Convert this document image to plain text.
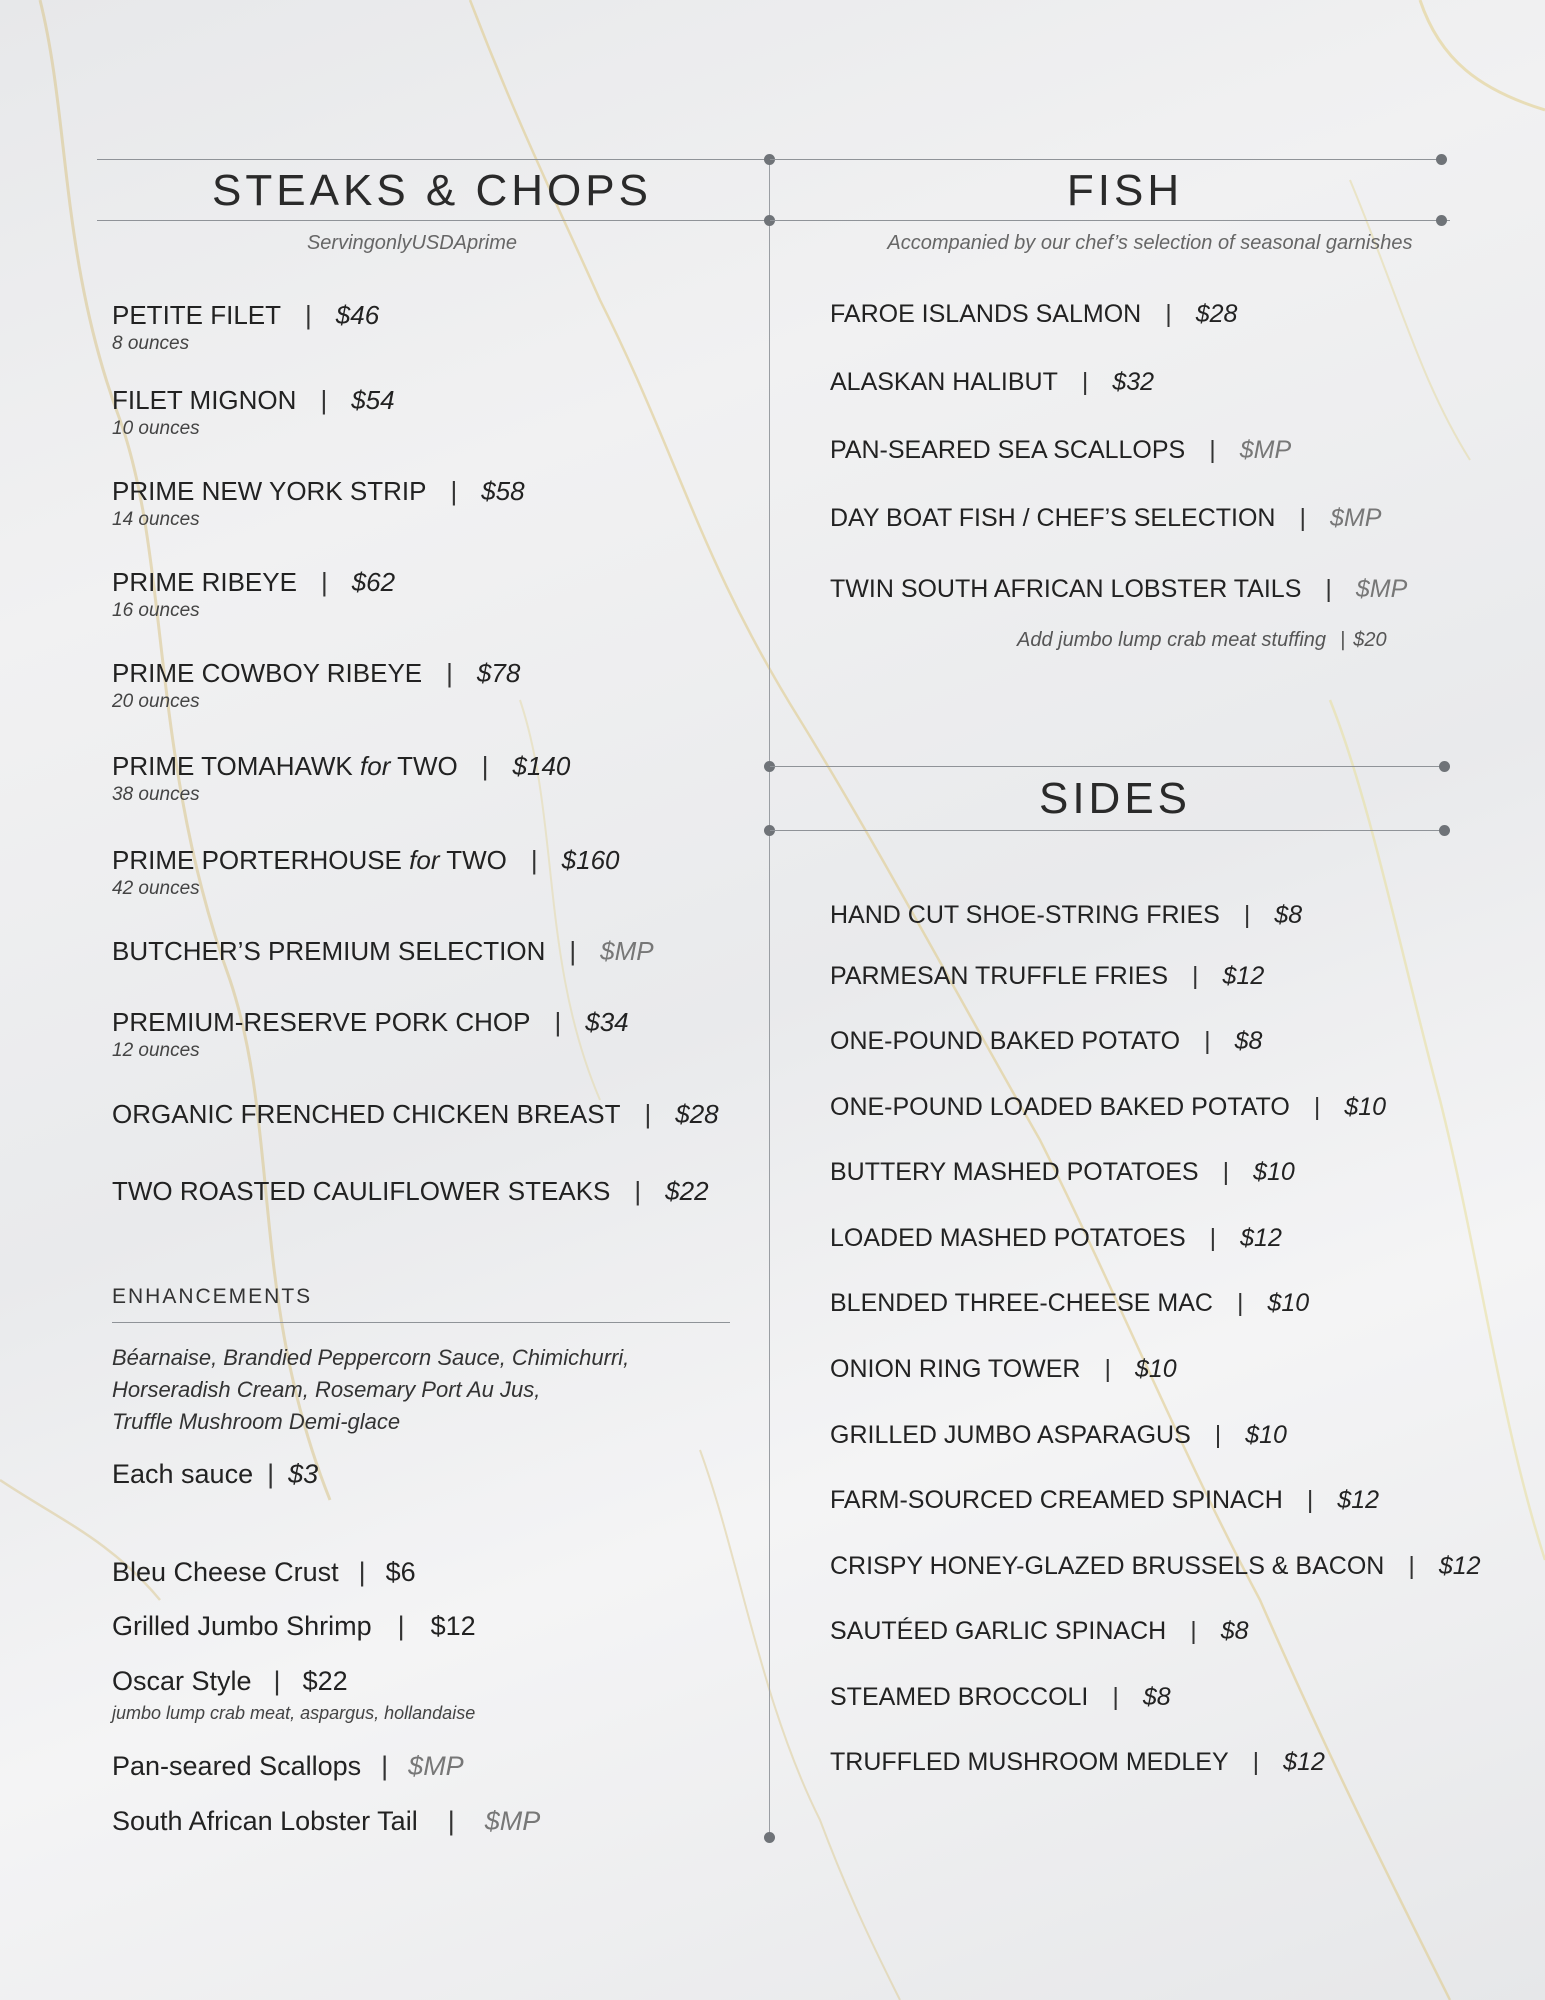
STEAKS & CHOPS
ServingonlyUSDAprime
PETITE FILET | $46
8 ounces
FILET MIGNON | $54
10 ounces
PRIME NEW YORK STRIP | $58
14 ounces
PRIME RIBEYE | $62
16 ounces
PRIME COWBOY RIBEYE | $78
20 ounces
PRIME TOMAHAWK for TWO | $140
38 ounces
PRIME PORTERHOUSE for TWO | $160
42 ounces
BUTCHER’S PREMIUM SELECTION | $MP
PREMIUM-RESERVE PORK CHOP | $34
12 ounces
ORGANIC FRENCHED CHICKEN BREAST | $28
TWO ROASTED CAULIFLOWER STEAKS | $22
ENHANCEMENTS
Béarnaise, Brandied Peppercorn Sauce, Chimichurri,
Horseradish Cream, Rosemary Port Au Jus,
Truffle Mushroom Demi-glace
Each sauce | $3
Bleu Cheese Crust | $6
Grilled Jumbo Shrimp | $12
Oscar Style | $22
jumbo lump crab meat, aspargus, hollandaise
Pan-seared Scallops | $MP
South African Lobster Tail | $MP
FISH
Accompanied by our chef’s selection of seasonal garnishes
FAROE ISLANDS SALMON | $28
ALASKAN HALIBUT | $32
PAN-SEARED SEA SCALLOPS | $MP
DAY BOAT FISH / CHEF’S SELECTION | $MP
TWIN SOUTH AFRICAN LOBSTER TAILS | $MP
Add jumbo lump crab meat stuffing | $20
SIDES
HAND CUT SHOE-STRING FRIES | $8
PARMESAN TRUFFLE FRIES | $12
ONE-POUND BAKED POTATO | $8
ONE-POUND LOADED BAKED POTATO | $10
BUTTERY MASHED POTATOES | $10
LOADED MASHED POTATOES | $12
BLENDED THREE-CHEESE MAC | $10
ONION RING TOWER | $10
GRILLED JUMBO ASPARAGUS | $10
FARM-SOURCED CREAMED SPINACH | $12
CRISPY HONEY-GLAZED BRUSSELS & BACON | $12
SAUTÉED GARLIC SPINACH | $8
STEAMED BROCCOLI | $8
TRUFFLED MUSHROOM MEDLEY | $12
